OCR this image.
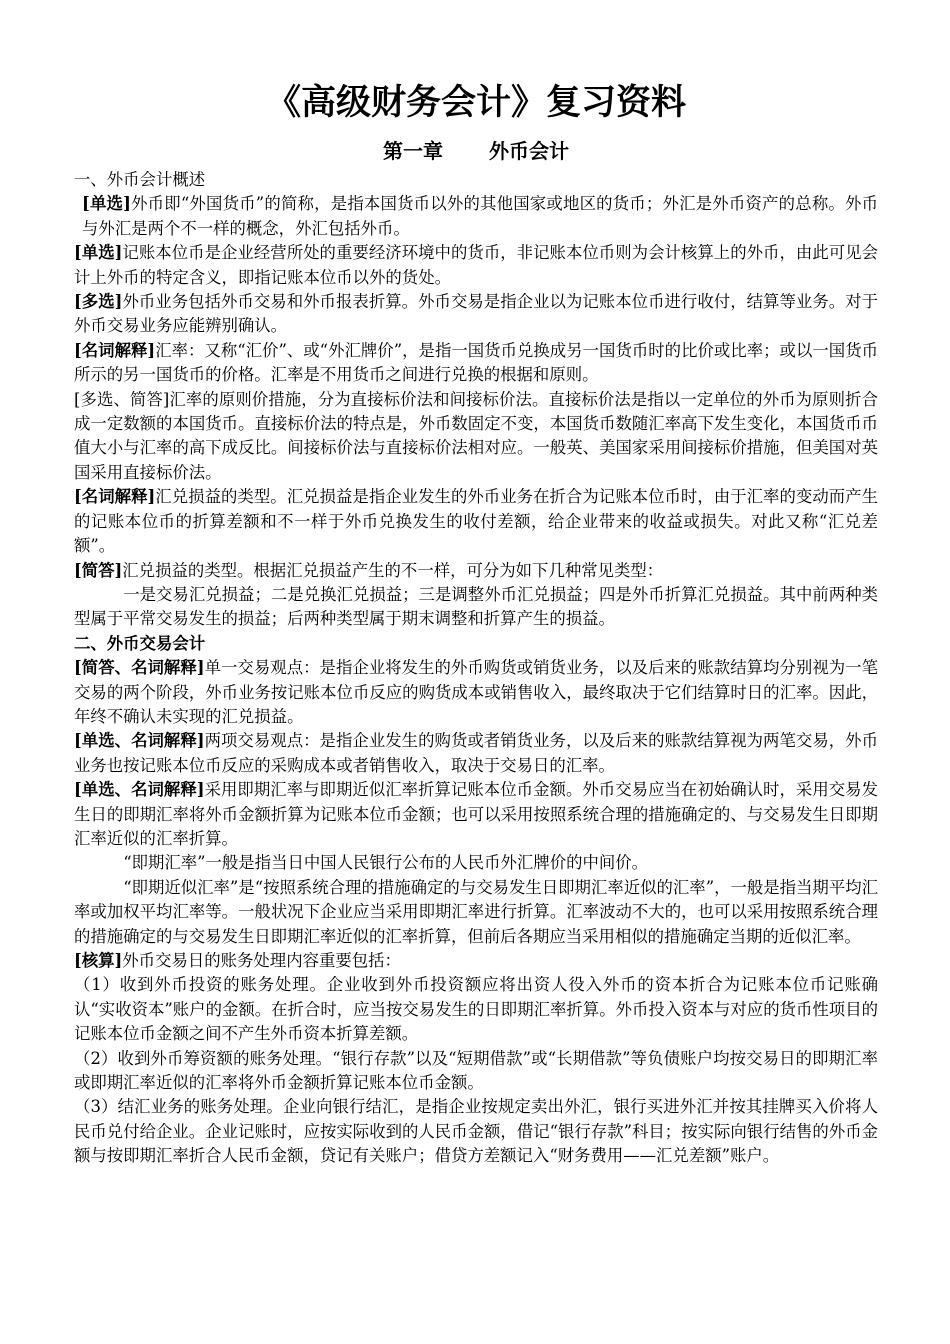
《高级财务会计》复习资料
第一章 外币会计

一、外币会计概述

[单选]外币即“外国货币”的简称，是指本国货币以外的其他国家或地区的货币；外汇是外币资产的总称。外币与外汇是两个不一样的概念，外汇包括外币。

[单选]记账本位币是企业经营所处的重要经济环境中的货币，非记账本位币则为会计核算上的外币，由此可见会计上外币的特定含义，即指记账本位币以外的货处。

[多选]外币业务包括外币交易和外币报表折算。外币交易是指企业以为记账本位币进行收付，结算等业务。对于外币交易业务应能辨别确认。

[名词解释]汇率：又称“汇价”、或“外汇牌价”，是指一国货币兑换成另一国货币时的比价或比率；或以一国货币所示的另一国货币的价格。汇率是不用货币之间进行兑换的根据和原则。

[多选、简答]汇率的原则价措施，分为直接标价法和间接标价法。直接标价法是指以一定单位的外币为原则折合成一定数额的本国货币。直接标价法的特点是，外币数固定不变，本国货币数随汇率高下发生变化，本国货币币值大小与汇率的高下成反比。间接标价法与直接标价法相对应。一般英、美国家采用间接标价措施，但美国对英国采用直接标价法。

[名词解释]汇兑损益的类型。汇兑损益是指企业发生的外币业务在折合为记账本位币时，由于汇率的变动而产生的记账本位币的折算差额和不一样于外币兑换发生的收付差额，给企业带来的收益或损失。对此又称“汇兑差额”。

[简答]汇兑损益的类型。根据汇兑损益产生的不一样，可分为如下几种常见类型：

一是交易汇兑损益；二是兑换汇兑损益；三是调整外币汇兑损益；四是外币折算汇兑损益。其中前两种类型属于平常交易发生的损益；后两种类型属于期末调整和折算产生的损益。

二、外币交易会计

[简答、名词解释]单一交易观点：是指企业将发生的外币购货或销货业务，以及后来的账款结算均分别视为一笔交易的两个阶段，外币业务按记账本位币反应的购货成本或销售收入，最终取决于它们结算时日的汇率。因此，年终不确认未实现的汇兑损益。

[单选、名词解释]两项交易观点：是指企业发生的购货或者销货业务，以及后来的账款结算视为两笔交易，外币业务也按记账本位币反应的采购成本或者销售收入，取决于交易日的汇率。

[单选、名词解释]采用即期汇率与即期近似汇率折算记账本位币金额。外币交易应当在初始确认时，采用交易发生日的即期汇率将外币金额折算为记账本位币金额；也可以采用按照系统合理的措施确定的、与交易发生日即期汇率近似的汇率折算。

“即期汇率”一般是指当日中国人民银行公布的人民币外汇牌价的中间价。

“即期近似汇率”是“按照系统合理的措施确定的与交易发生日即期汇率近似的汇率”，一般是指当期平均汇率或加权平均汇率等。一般状况下企业应当采用即期汇率进行折算。汇率波动不大的，也可以采用按照系统合理的措施确定的与交易发生日即期汇率近似的汇率折算，但前后各期应当采用相似的措施确定当期的近似汇率。

[核算]外币交易日的账务处理内容重要包括：

（1）收到外币投资的账务处理。企业收到外币投资额应将出资人役入外币的资本折合为记账本位币记账确认“实收资本”账户的金额。在折合时，应当按交易发生的日即期汇率折算。外币投入资本与对应的货币性项目的记账本位币金额之间不产生外币资本折算差额。

（2）收到外币筹资额的账务处理。“银行存款”以及“短期借款”或“长期借款”等负债账户均按交易日的即期汇率或即期汇率近似的汇率将外币金额折算记账本位币金额。

（3）结汇业务的账务处理。企业向银行结汇，是指企业按规定卖出外汇，银行买进外汇并按其挂牌买入价将人民币兑付给企业。企业记账时，应按实际收到的人民币金额，借记“银行存款”科目；按实际向银行结售的外币金额与按即期汇率折合人民币金额，贷记有关账户；借贷方差额记入“财务费用——汇兑差额”账户。
